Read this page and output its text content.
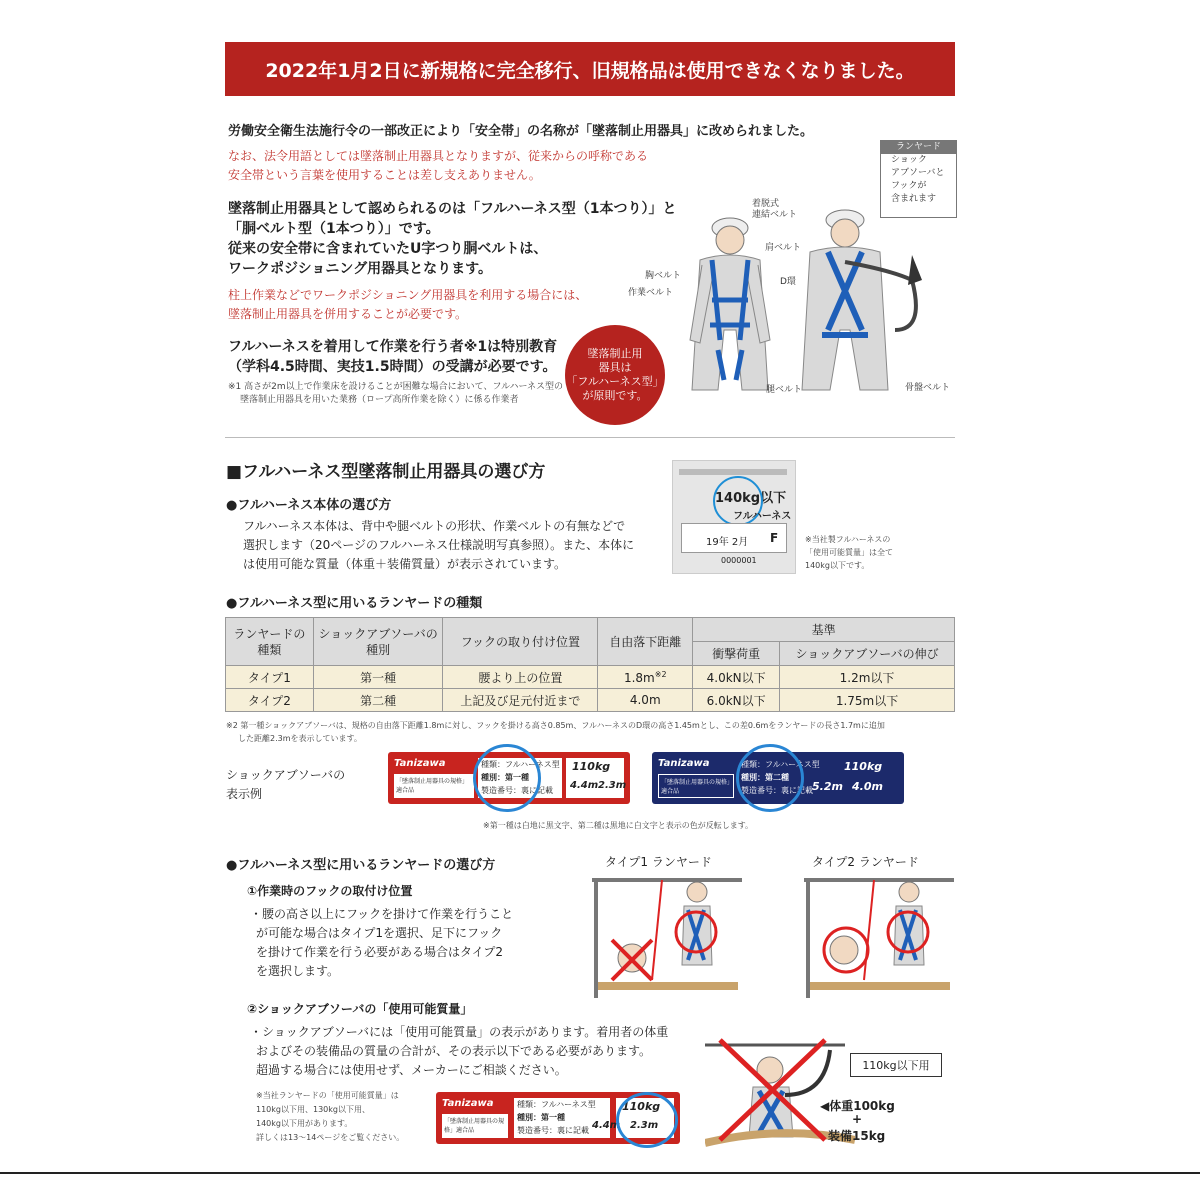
2022年1月2日に新規格に完全移行、旧規格品は使用できなくなりました。
労働安全衛生法施行令の一部改正により「安全帯」の名称が「墜落制止用器具」に改められました。
なお、法令用語としては墜落制止用器具となりますが、従来からの呼称である
安全帯という言葉を使用することは差し支えありません。
墜落制止用器具として認められるのは「フルハーネス型（1本つり）」と
「胴ベルト型（1本つり）」です。
従来の安全帯に含まれていたU字つり胴ベルトは、
ワークポジショニング用器具となります。
柱上作業などでワークポジショニング用器具を利用する場合には、
墜落制止用器具を併用することが必要です。
フルハーネスを着用して作業を行う者※1は特別教育
（学科4.5時間、実技1.5時間）の受講が必要です。
※1 高さが2m以上で作業床を設けることが困難な場合において、フルハーネス型の
墜落制止用器具を用いた業務（ロープ高所作業を除く）に係る作業者
墜落制止用
器具は
「フルハーネス型」
が原則です。
ランヤード
ショック
アブソーバと
フックが
含まれます
着脱式
連結ベルト
肩ベルト
胸ベルト
作業ベルト
D環
腿ベルト	骨盤ベルト
■フルハーネス型墜落制止用器具の選び方
●フルハーネス本体の選び方
フルハーネス本体は、背中や腿ベルトの形状、作業ベルトの有無などで
選択します（20ページのフルハーネス仕様説明写真参照）。また、本体に
は使用可能な質量（体重＋装備質量）が表示されています。
140kg以下
フルハーネス
19年 2月 F
0000001
※当社製フルハーネスの
「使用可能質量」は全て
140kg以下です。
●フルハーネス型に用いるランヤードの種類
ランヤードの
種類	ショックアブソーバの
種別	フックの取り付け位置	自由落下距離	基準	
				衝撃荷重	ショックアブソーバの伸び
タイプ1	第一種	腰より上の位置	$1.8m^{※2}$	4.0kN以下	1.2m以下
タイプ2	第二種	上記及び足元付近まで	4.0m	6.0kN以下	1.75m以下
※2 第一種ショックアブソーバは、規格の自由落下距離1.8mに対し、フックを掛ける高さ0.85m、フルハーネスのD環の高さ1.45mとし、この差0.6mをランヤードの長さ1.7mに追加
した距離2.3mを表示しています。
ショックアブソーバの
表示例
Tanizawa
「墜落制止用器具の規格」適合品
種類：フルハーネス型
種別：第一種
製造番号：裏に記載
110kg
4.4m 2.3m
Tanizawa
「墜落制止用器具の規格」適合品
種類：フルハーネス型
種別：第二種
製造番号：裏に記載
110kg
5.2m 4.0m
※第一種は白地に黒文字、第二種は黒地に白文字と表示の色が反転します。
●フルハーネス型に用いるランヤードの選び方
①作業時のフックの取付け位置
・腰の高さ以上にフックを掛けて作業を行うこと
が可能な場合はタイプ1を選択、足下にフック
を掛けて作業を行う必要がある場合はタイプ2
を選択します。
タイプ1 ランヤード	タイプ2 ランヤード
②ショックアブソーバの「使用可能質量」
・ショックアブソーバには「使用可能質量」の表示があります。着用者の体重
およびその装備品の質量の合計が、その表示以下である必要があります。
超過する場合には使用せず、メーカーにご相談ください。
※当社ランヤードの「使用可能質量」は
110kg以下用、130kg以下用、
140kg以下用があります。
詳しくは13〜14ページをご覧ください。
Tanizawa
「墜落制止用器具の規格」適合品
種類：フルハーネス型
種別：第一種
製造番号：裏に記載
110kg
4.4m 2.3m
110kg以下用
◀体重100kg
+
装備15kg
